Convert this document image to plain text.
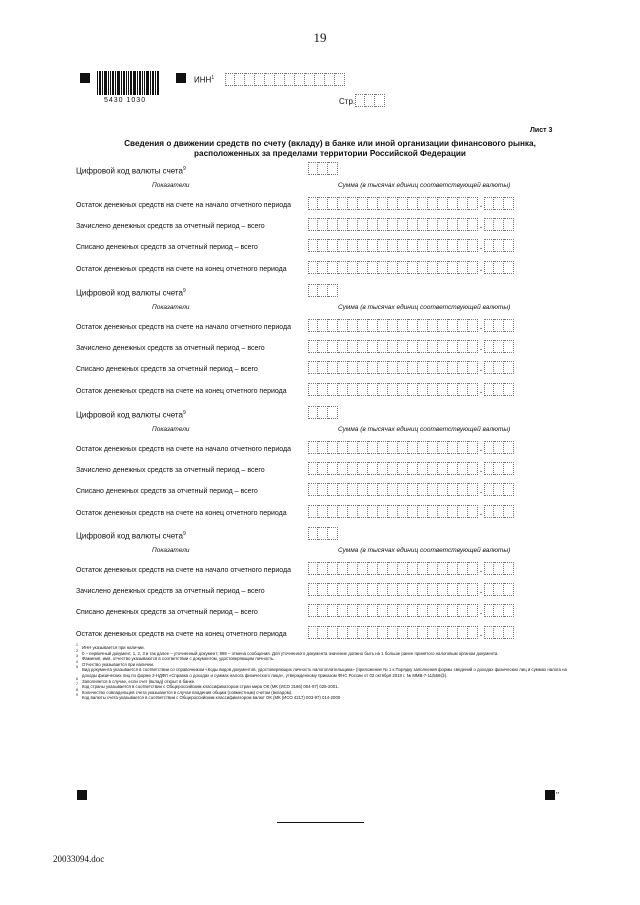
19
5430 1030
ИНН$^1$
Стр.
Лист 3
Сведения о движении средств по счету (вкладу) в банке или иной организации финансового рынка,
расположенных за пределами территории Российской Федерации
Цифровой код валюты счета$^9$
Показатели	Сумма (в тысячах единиц соответствующей валюты)
Остаток денежных средств на счете на начало отчетного периода	.
Зачислено денежных средств за отчетный период – всего	.
Списано денежных средств за отчетный период – всего	.
Остаток денежных средств на счете на конец отчетного периода	.
Цифровой код валюты счета$^9$
Показатели	Сумма (в тысячах единиц соответствующей валюты)
Остаток денежных средств на счете на начало отчетного периода	.
Зачислено денежных средств за отчетный период – всего	.
Списано денежных средств за отчетный период – всего	.
Остаток денежных средств на счете на конец отчетного периода	.
Цифровой код валюты счета$^9$
Показатели	Сумма (в тысячах единиц соответствующей валюты)
Остаток денежных средств на счете на начало отчетного периода	.
Зачислено денежных средств за отчетный период – всего	.
Списано денежных средств за отчетный период – всего	.
Остаток денежных средств на счете на конец отчетного периода	.
Цифровой код валюты счета$^9$
Показатели	Сумма (в тысячах единиц соответствующей валюты)
Остаток денежных средств на счете на начало отчетного периода	.
Зачислено денежных средств за отчетный период – всего	.
Списано денежных средств за отчетный период – всего	.
Остаток денежных средств на счете на конец отчетного периода	.
1 ИНН указывается при наличии.
2 0 – первичный документ, 1, 2, 3 и так далее – уточненный документ; 999 – отмена сообщения. Для уточненного документа значение должно быть на 1 больше ранее принятого налоговым органом документа.
3 Фамилия, имя, отчество указываются в соответствии с документом, удостоверяющим личность.
4 Отчество указывается при наличии.
5 Вид документа указывается в соответствии со справочником «Коды видов документов, удостоверяющих личность налогоплательщика» (приложение № 1 к Порядку заполнения формы сведений о доходах физических лиц и суммах налога на доходы физических лиц по форме 2-НДФЛ «Справка о доходах и суммах налога физического лица», утвержденному приказом ФНС России от 02 октября 2018 г. № ММВ-7-11/566@).
6 Заполняется в случае, если счет (вклад) открыт в банке.
7 Код страны указывается в соответствии с Общероссийским классификатором стран мира ОК (МК (ИСО 3166) 004-97) 025-2001.
8 Количество совладельцев счета указывается в случае владения общим (совместным) счетом (вкладом).
9 Код валюты счета указывается в соответствии с Общероссийским классификатором валют ОК (МК (ИСО 4217) 003-97) 014-2000
''
20033094.doc
